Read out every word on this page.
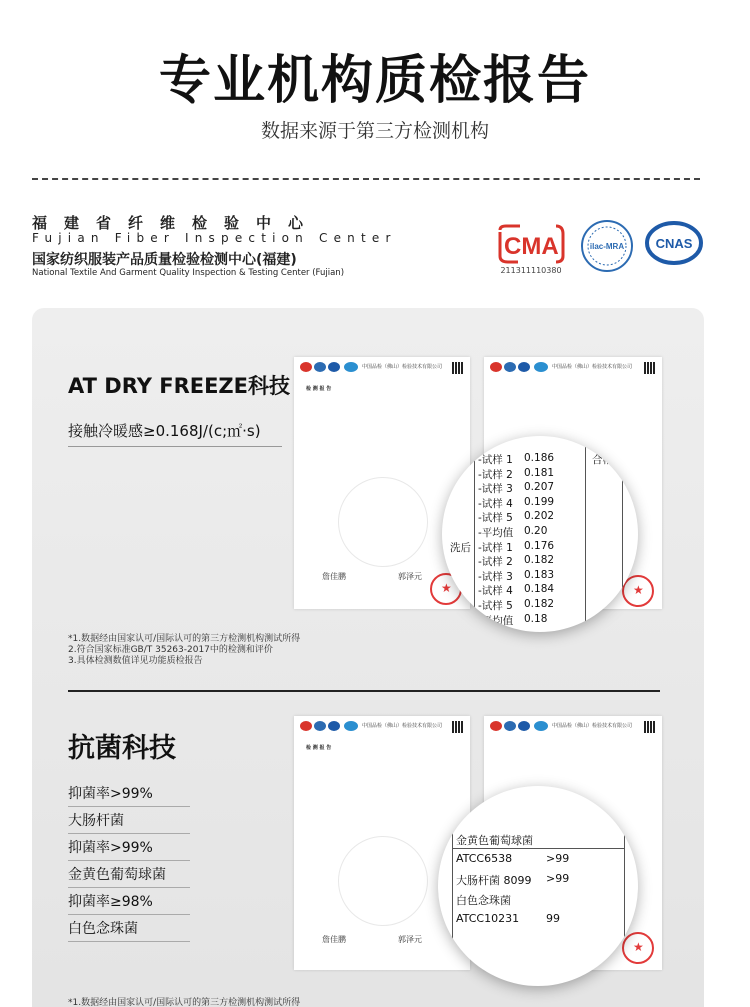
专业机构质检报告
数据来源于第三方检测机构
福建省纤维检验中心
Fujian Fiber Inspection Center
国家纺织服装产品质量检验检测中心(福建)
National Textile And Garment Quality Inspection & Testing Center (Fujian)
CMA
211311110380
ilac-MRA CNAS
AT DRY FREEZE科技
接触冷暖感≥0.168J/(c;㎡·s)
中国品检（佛山）检验技术有限公司
检 测 报 告
詹佳鹏	郭泽元
★
中国品检（佛山）检验技术有限公司
★
合格
-试样 1 0.186
-试样 2 0.181
-试样 3 0.207
-试样 4 0.199
-试样 5 0.202
-平均值 0.20
洗后 -试样 1 0.176
-试样 2 0.182
-试样 3 0.183
-试样 4 0.184
-试样 5 0.182
-平均值 0.18
*1.数据经由国家认可/国际认可的第三方检测机构测试所得
2.符合国家标准GB/T 35263-2017中的检测和评价
3.具体检测数值详见功能质检报告
抗菌科技
抑菌率>99%
大肠杆菌
抑菌率>99%
金黄色葡萄球菌
抑菌率≥98%
白色念珠菌
中国品检（佛山）检验技术有限公司
检 测 报 告
詹佳鹏	郭泽元
中国品检（佛山）检验技术有限公司
★
金黄色葡萄球菌
ATCC6538	>99
大肠杆菌 8099 >99
白色念珠菌
ATCC10231 99
*1.数据经由国家认可/国际认可的第三方检测机构测试所得
